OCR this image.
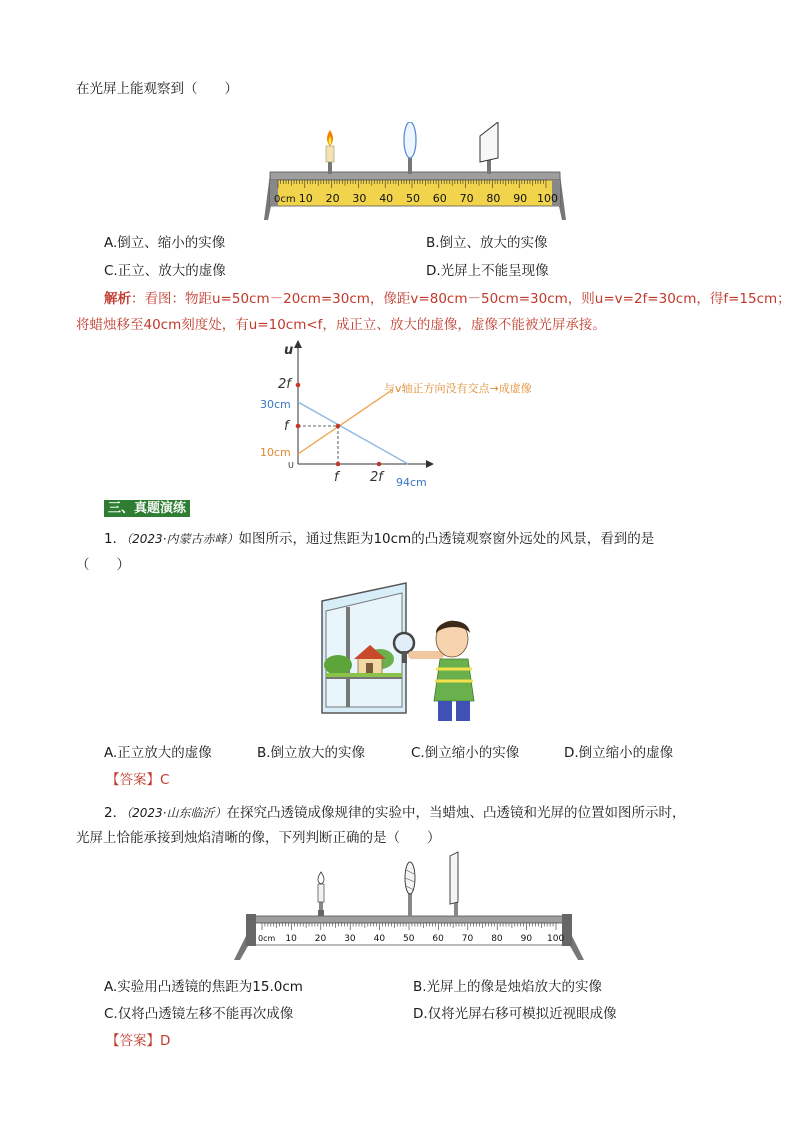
在光屏上能观察到（　　）
0cm 10 20 30 40 50 60 70 80 90 100
A.倒立、缩小的实像	B.倒立、放大的实像
C.正立、放大的虚像	D.光屏上不能呈现像
解析：看图：物距u=50cm－20cm=30cm，像距v=80cm－50cm=30cm，则u=v=2f=30cm，得f=15cm；
将蜡烛移至40cm刻度处，有u=10cm<f，成正立、放大的虚像，虚像不能被光屏承接。
u
2f
30cm
f
10cm
U
f 2f 94cm
与v轴正方向没有交点→成虚像
三、真题演练
1．（2023·内蒙古赤峰）如图所示，通过焦距为10cm的凸透镜观察窗外远处的风景，看到的是
（　　）
A.正立放大的虚像	B.倒立放大的实像	C.倒立缩小的实像	D.倒立缩小的虚像
【答案】C
2．（2023·山东临沂）在探究凸透镜成像规律的实验中，当蜡烛、凸透镜和光屏的位置如图所示时，
光屏上恰能承接到烛焰清晰的像，下列判断正确的是（　　）
0cm 10 20 30 40 50 60 70 80 90 100
A.实验用凸透镜的焦距为15.0cm	B.光屏上的像是烛焰放大的实像
C.仅将凸透镜左移不能再次成像	D.仅将光屏右移可模拟近视眼成像
【答案】D
